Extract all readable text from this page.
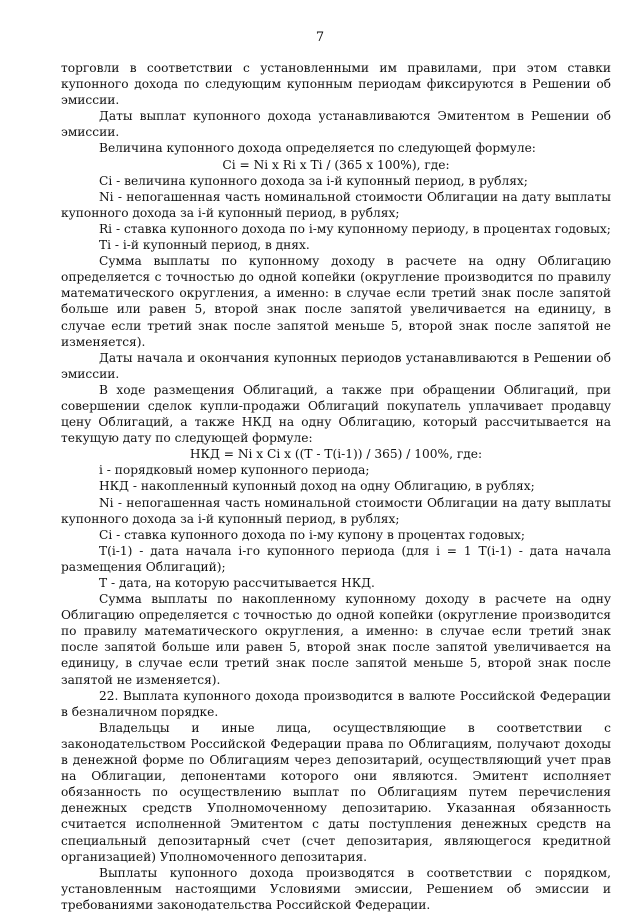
7

торговли в соответствии с установленными им правилами, при этом ставки купонного дохода по следующим купонным периодам фиксируются в Решении об эмиссии.

Даты выплат купонного дохода устанавливаются Эмитентом в Решении об эмиссии.

Величина купонного дохода определяется по следующей формуле:

Ci = Ni x Ri x Ti / (365 x 100%), где:

Ci - величина купонного дохода за i-й купонный период, в рублях;

Ni - непогашенная часть номинальной стоимости Облигации на дату выплаты купонного дохода за i-й купонный период, в рублях;

Ri - ставка купонного дохода по i-му купонному периоду, в процентах годовых;

Ti - i-й купонный период, в днях.

Сумма выплаты по купонному доходу в расчете на одну Облигацию определяется с точностью до одной копейки (округление производится по правилу математического округления, а именно: в случае если третий знак после запятой больше или равен 5, второй знак после запятой увеличивается на единицу, в случае если третий знак после запятой меньше 5, второй знак после запятой не изменяется).

Даты начала и окончания купонных периодов устанавливаются в Решении об эмиссии.

В ходе размещения Облигаций, а также при обращении Облигаций, при совершении сделок купли-продажи Облигаций покупатель уплачивает продавцу цену Облигаций, а также НКД на одну Облигацию, который рассчитывается на текущую дату по следующей формуле:

НКД = Ni x Ci x ((T - T(i-1)) / 365) / 100%, где:

i - порядковый номер купонного периода;

НКД - накопленный купонный доход на одну Облигацию, в рублях;

Ni - непогашенная часть номинальной стоимости Облигации на дату выплаты купонного дохода за i-й купонный период, в рублях;

Ci - ставка купонного дохода по i-му купону в процентах годовых;

T(i-1) - дата начала i-го купонного периода (для i = 1 T(i-1) - дата начала размещения Облигаций);

T - дата, на которую рассчитывается НКД.

Сумма выплаты по накопленному купонному доходу в расчете на одну Облигацию определяется с точностью до одной копейки (округление производится по правилу математического округления, а именно: в случае если третий знак после запятой больше или равен 5, второй знак после запятой увеличивается на единицу, в случае если третий знак после запятой меньше 5, второй знак после запятой не изменяется).

22. Выплата купонного дохода производится в валюте Российской Федерации в безналичном порядке.

Владельцы и иные лица, осуществляющие в соответствии с законодательством Российской Федерации права по Облигациям, получают доходы в денежной форме по Облигациям через депозитарий, осуществляющий учет прав на Облигации, депонентами которого они являются. Эмитент исполняет обязанность по осуществлению выплат по Облигациям путем перечисления денежных средств Уполномоченному депозитарию. Указанная обязанность считается исполненной Эмитентом с даты поступления денежных средств на специальный депозитарный счет (счет депозитария, являющегося кредитной организацией) Уполномоченного депозитария.

Выплаты купонного дохода производятся в соответствии с порядком, установленным настоящими Условиями эмиссии, Решением об эмиссии и требованиями законодательства Российской Федерации.
